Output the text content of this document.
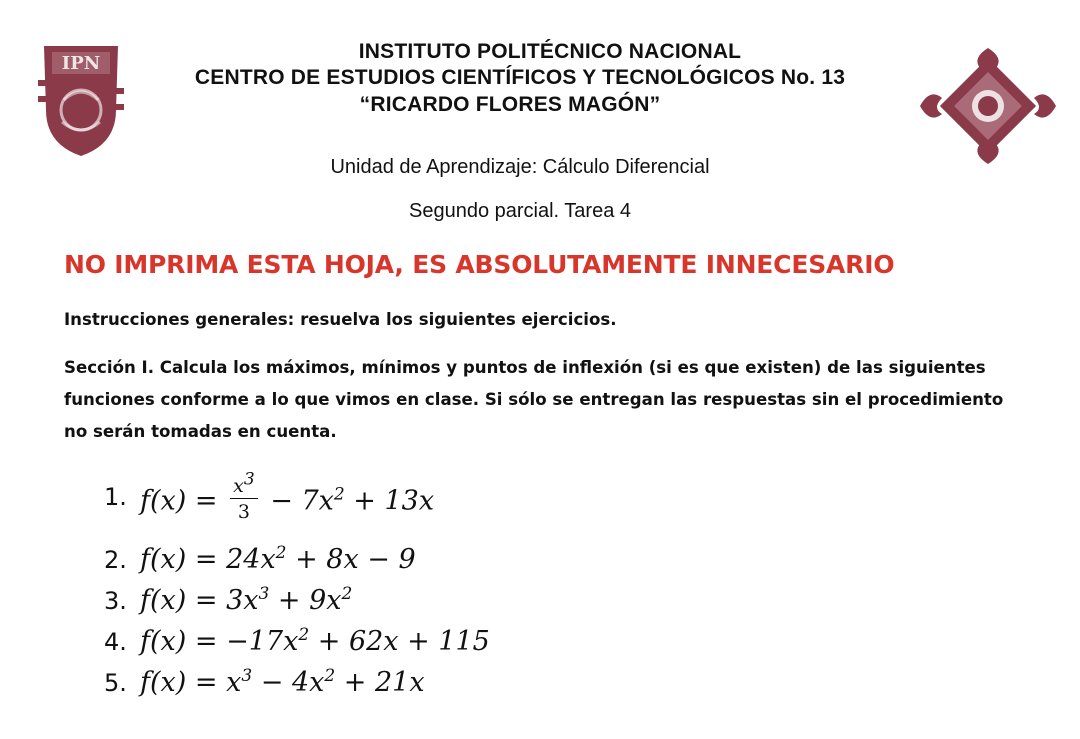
IPN
INSTITUTO POLITÉCNICO NACIONAL
CENTRO DE ESTUDIOS CIENTÍFICOS Y TECNOLÓGICOS No. 13
“RICARDO FLORES MAGÓN”
Unidad de Aprendizaje: Cálculo Diferencial
Segundo parcial. Tarea 4
NO IMPRIMA ESTA HOJA, ES ABSOLUTAMENTE INNECESARIO
Instrucciones generales: resuelva los siguientes ejercicios.
Sección I. Calcula los máximos, mínimos y puntos de inflexión (si es que existen) de las siguientes funciones conforme a lo que vimos en clase. Si sólo se entregan las respuestas sin el procedimiento no serán tomadas en cuenta.
1. $f(x) = \frac{x^3}{3} - 7x^2 + 13x$
2. $f(x) = 24x^2 + 8x - 9$
3. $f(x) = 3x^3 + 9x^2$
4. $f(x) = -17x^2 + 62x + 115$
5. $f(x) = x^3 - 4x^2 + 21x$
